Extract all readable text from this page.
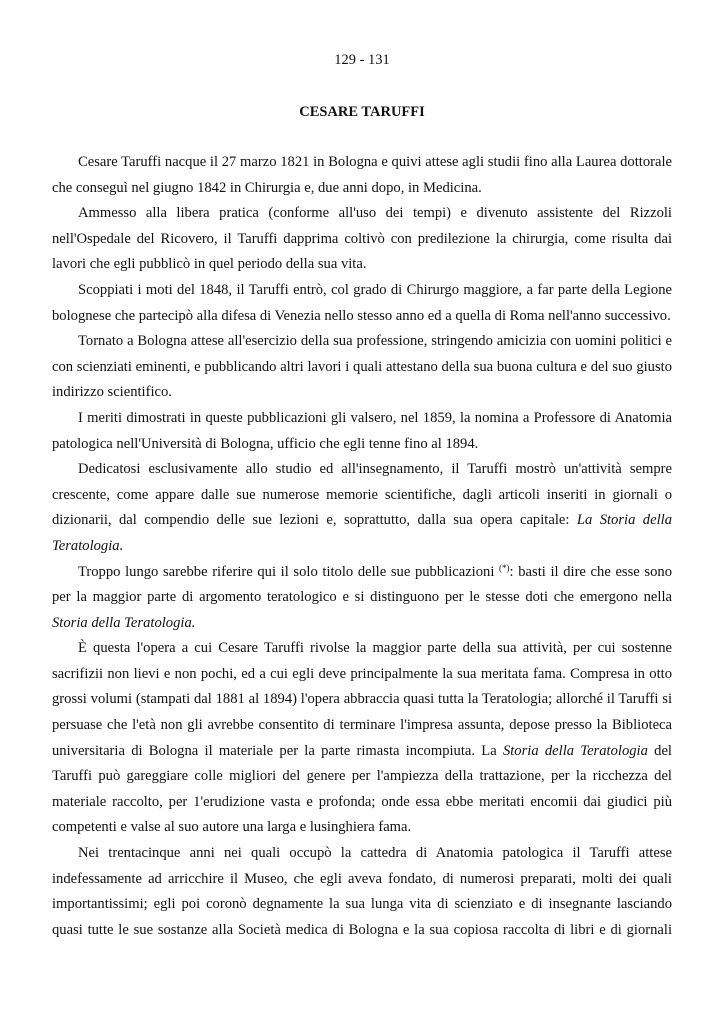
129 - 131
CESARE TARUFFI

Cesare Taruffi nacque il 27 marzo 1821 in Bologna e quivi attese agli studii fino alla Laurea dottorale che conseguì nel giugno 1842 in Chirurgia e, due anni dopo, in Medicina.

Ammesso alla libera pratica (conforme all'uso dei tempi) e divenuto assistente del Rizzoli nell'Ospedale del Ricovero, il Taruffi dapprima coltivò con predilezione la chirurgia, come risulta dai lavori che egli pubblicò in quel periodo della sua vita.

Scoppiati i moti del 1848, il Taruffi entrò, col grado di Chirurgo maggiore, a far parte della Legione bolognese che partecipò alla difesa di Venezia nello stesso anno ed a quella di Roma nell'anno successivo.

Tornato a Bologna attese all'esercizio della sua professione, stringendo amicizia con uomini politici e con scienziati eminenti, e pubblicando altri lavori i quali attestano della sua buona cultura e del suo giusto indirizzo scientifico.

I meriti dimostrati in queste pubblicazioni gli valsero, nel 1859, la nomina a Professore di Anatomia patologica nell'Università di Bologna, ufficio che egli tenne fino al 1894.

Dedicatosi esclusivamente allo studio ed all'insegnamento, il Taruffi mostrò un'attività sempre crescente, come appare dalle sue numerose memorie scientifiche, dagli articoli inseriti in giornali o dizionarii, dal compendio delle sue lezioni e, soprattutto, dalla sua opera capitale: La Storia della Teratologia.

Troppo lungo sarebbe riferire qui il solo titolo delle sue pubblicazioni (*): basti il dire che esse sono per la maggior parte di argomento teratologico e si distinguono per le stesse doti che emergono nella Storia della Teratologia.

È questa l'opera a cui Cesare Taruffi rivolse la maggior parte della sua attività, per cui sostenne sacrifizii non lievi e non pochi, ed a cui egli deve principalmente la sua meritata fama. Compresa in otto grossi volumi (stampati dal 1881 al 1894) l'opera abbraccia quasi tutta la Teratologia; allorché il Taruffi si persuase che l'età non gli avrebbe consentito di terminare l'impresa assunta, depose presso la Biblioteca universitaria di Bologna il materiale per la parte rimasta incompiuta. La Storia della Teratologia del Taruffi può gareggiare colle migliori del genere per l'ampiezza della trattazione, per la ricchezza del materiale raccolto, per 1'erudizione vasta e profonda; onde essa ebbe meritati encomii dai giudici più competenti e valse al suo autore una larga e lusinghiera fama.

Nei trentacinque anni nei quali occupò la cattedra di Anatomia patologica il Taruffi attese indefessamente ad arricchire il Museo, che egli aveva fondato, di numerosi preparati, molti dei quali importantissimi; egli poi coronò degnamente la sua lunga vita di scienziato e di insegnante lasciando quasi tutte le sue sostanze alla Società medica di Bologna e la sua copiosa raccolta di libri e di giornali
